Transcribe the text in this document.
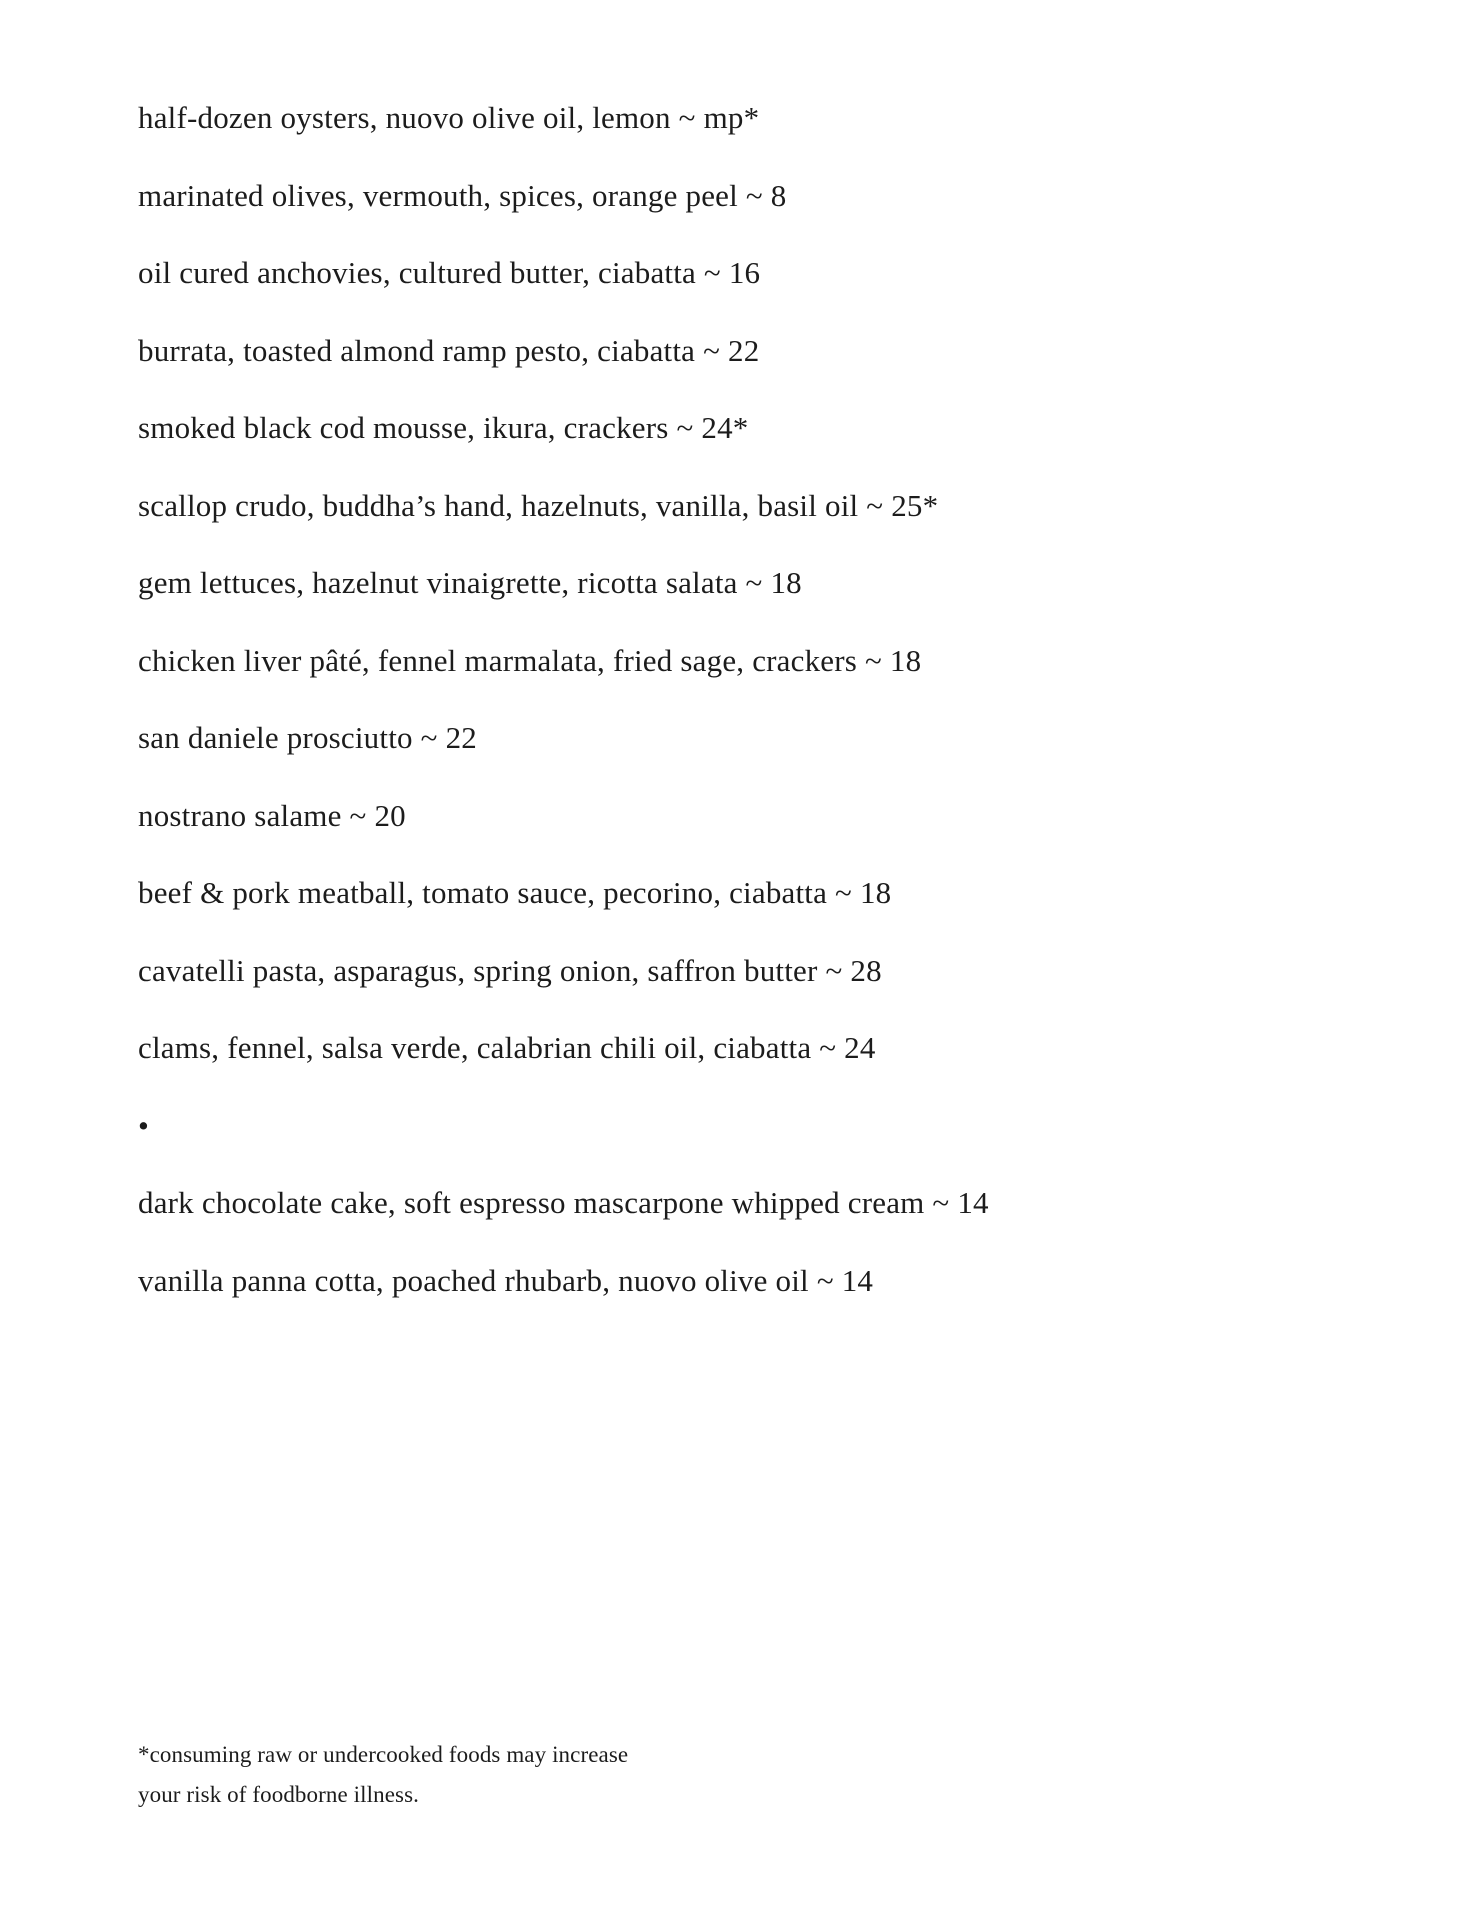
half-dozen oysters, nuovo olive oil, lemon ~ mp*
marinated olives, vermouth, spices, orange peel ~ 8
oil cured anchovies, cultured butter, ciabatta ~ 16
burrata, toasted almond ramp pesto, ciabatta ~ 22
smoked black cod mousse, ikura, crackers ~ 24*
scallop crudo, buddha’s hand, hazelnuts, vanilla, basil oil ~ 25*
gem lettuces, hazelnut vinaigrette, ricotta salata ~ 18
chicken liver pâté, fennel marmalata, fried sage, crackers ~ 18
san daniele prosciutto ~ 22
nostrano salame ~ 20
beef & pork meatball, tomato sauce, pecorino, ciabatta ~ 18
cavatelli pasta, asparagus, spring onion, saffron butter ~ 28
clams, fennel, salsa verde, calabrian chili oil, ciabatta ~ 24
•
dark chocolate cake, soft espresso mascarpone whipped cream ~ 14
vanilla panna cotta, poached rhubarb, nuovo olive oil ~ 14
*consuming raw or undercooked foods may increase
your risk of foodborne illness.
